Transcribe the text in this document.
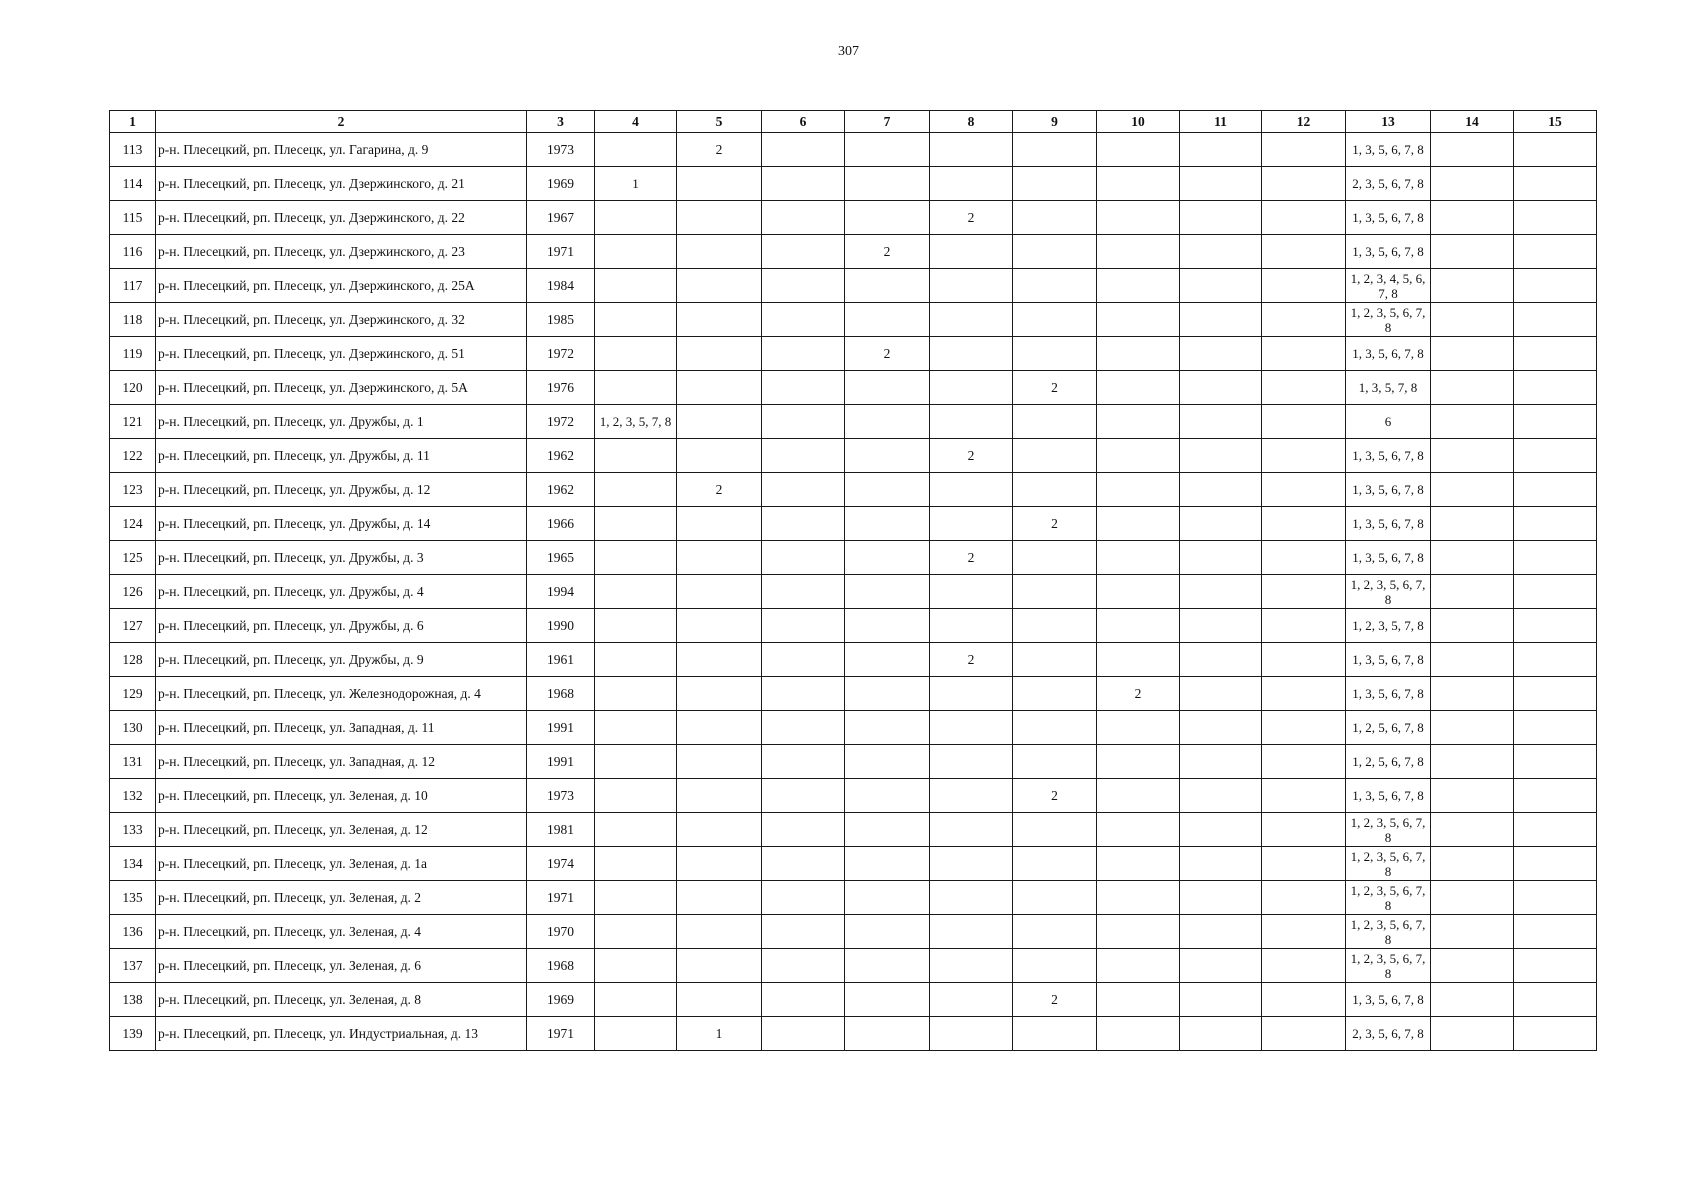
307
1	2	3	4	5	6	7	8	9	10	11	12	13	14	15
113	р-н. Плесецкий, рп. Плесецк, ул. Гагарина, д. 9	1973		2								1, 3, 5, 6, 7, 8		
114	р-н. Плесецкий, рп. Плесецк, ул. Дзержинского, д. 21	1969	1									2, 3, 5, 6, 7, 8		
115	р-н. Плесецкий, рп. Плесецк, ул. Дзержинского, д. 22	1967					2					1, 3, 5, 6, 7, 8		
116	р-н. Плесецкий, рп. Плесецк, ул. Дзержинского, д. 23	1971				2						1, 3, 5, 6, 7, 8		
117	р-н. Плесецкий, рп. Плесецк, ул. Дзержинского, д. 25А	1984										1, 2, 3, 4, 5, 6, 7, 8		
118	р-н. Плесецкий, рп. Плесецк, ул. Дзержинского, д. 32	1985										1, 2, 3, 5, 6, 7, 8		
119	р-н. Плесецкий, рп. Плесецк, ул. Дзержинского, д. 51	1972				2						1, 3, 5, 6, 7, 8		
120	р-н. Плесецкий, рп. Плесецк, ул. Дзержинского, д. 5А	1976						2				1, 3, 5, 7, 8		
121	р-н. Плесецкий, рп. Плесецк, ул. Дружбы, д. 1	1972	1, 2, 3, 5, 7, 8									6		
122	р-н. Плесецкий, рп. Плесецк, ул. Дружбы, д. 11	1962					2					1, 3, 5, 6, 7, 8		
123	р-н. Плесецкий, рп. Плесецк, ул. Дружбы, д. 12	1962		2								1, 3, 5, 6, 7, 8		
124	р-н. Плесецкий, рп. Плесецк, ул. Дружбы, д. 14	1966						2				1, 3, 5, 6, 7, 8		
125	р-н. Плесецкий, рп. Плесецк, ул. Дружбы, д. 3	1965					2					1, 3, 5, 6, 7, 8		
126	р-н. Плесецкий, рп. Плесецк, ул. Дружбы, д. 4	1994										1, 2, 3, 5, 6, 7, 8		
127	р-н. Плесецкий, рп. Плесецк, ул. Дружбы, д. 6	1990										1, 2, 3, 5, 7, 8		
128	р-н. Плесецкий, рп. Плесецк, ул. Дружбы, д. 9	1961					2					1, 3, 5, 6, 7, 8		
129	р-н. Плесецкий, рп. Плесецк, ул. Железнодорожная, д. 4	1968							2			1, 3, 5, 6, 7, 8		
130	р-н. Плесецкий, рп. Плесецк, ул. Западная, д. 11	1991										1, 2, 5, 6, 7, 8		
131	р-н. Плесецкий, рп. Плесецк, ул. Западная, д. 12	1991										1, 2, 5, 6, 7, 8		
132	р-н. Плесецкий, рп. Плесецк, ул. Зеленая, д. 10	1973						2				1, 3, 5, 6, 7, 8		
133	р-н. Плесецкий, рп. Плесецк, ул. Зеленая, д. 12	1981										1, 2, 3, 5, 6, 7, 8		
134	р-н. Плесецкий, рп. Плесецк, ул. Зеленая, д. 1а	1974										1, 2, 3, 5, 6, 7, 8		
135	р-н. Плесецкий, рп. Плесецк, ул. Зеленая, д. 2	1971										1, 2, 3, 5, 6, 7, 8		
136	р-н. Плесецкий, рп. Плесецк, ул. Зеленая, д. 4	1970										1, 2, 3, 5, 6, 7, 8		
137	р-н. Плесецкий, рп. Плесецк, ул. Зеленая, д. 6	1968										1, 2, 3, 5, 6, 7, 8		
138	р-н. Плесецкий, рп. Плесецк, ул. Зеленая, д. 8	1969						2				1, 3, 5, 6, 7, 8		
139	р-н. Плесецкий, рп. Плесецк, ул. Индустриальная, д. 13	1971		1								2, 3, 5, 6, 7, 8		
